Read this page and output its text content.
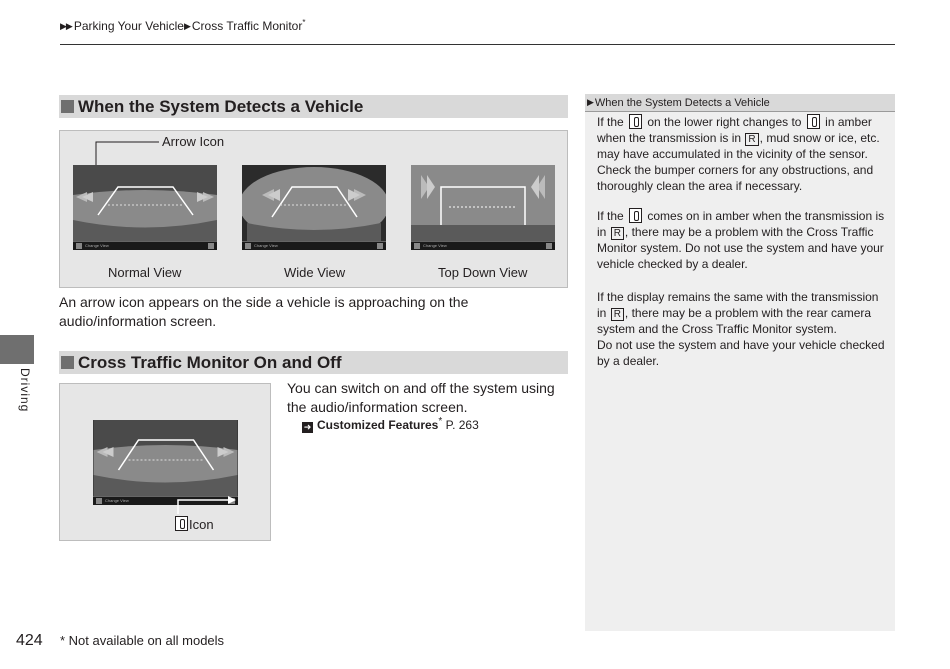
▶▶ Parking Your Vehicle▶ Cross Traffic Monitor*
Driving
When the System Detects a Vehicle
Arrow Icon
Change View
Normal View
Change View
Wide View
Change View
Top Down View
An arrow icon appears on the side a vehicle is approaching on the audio/information screen.
Cross Traffic Monitor On and Off
Change View
Icon
You can switch on and off the system using the audio/information screen.
➜ Customized Features* P. 263
▶ When the System Detects a Vehicle
If the on the lower right changes to in amber when the transmission is in R , mud snow or ice, etc. may have accumulated in the vicinity of the sensor. Check the bumper corners for any obstructions, and thoroughly clean the area if necessary.
If the comes on in amber when the transmission is in R , there may be a problem with the Cross Traffic Monitor system. Do not use the system and have your vehicle checked by a dealer.
If the display remains the same with the transmission in R , there may be a problem with the rear camera system and the Cross Traffic Monitor system.
Do not use the system and have your vehicle checked by a dealer.
424 * Not available on all models
